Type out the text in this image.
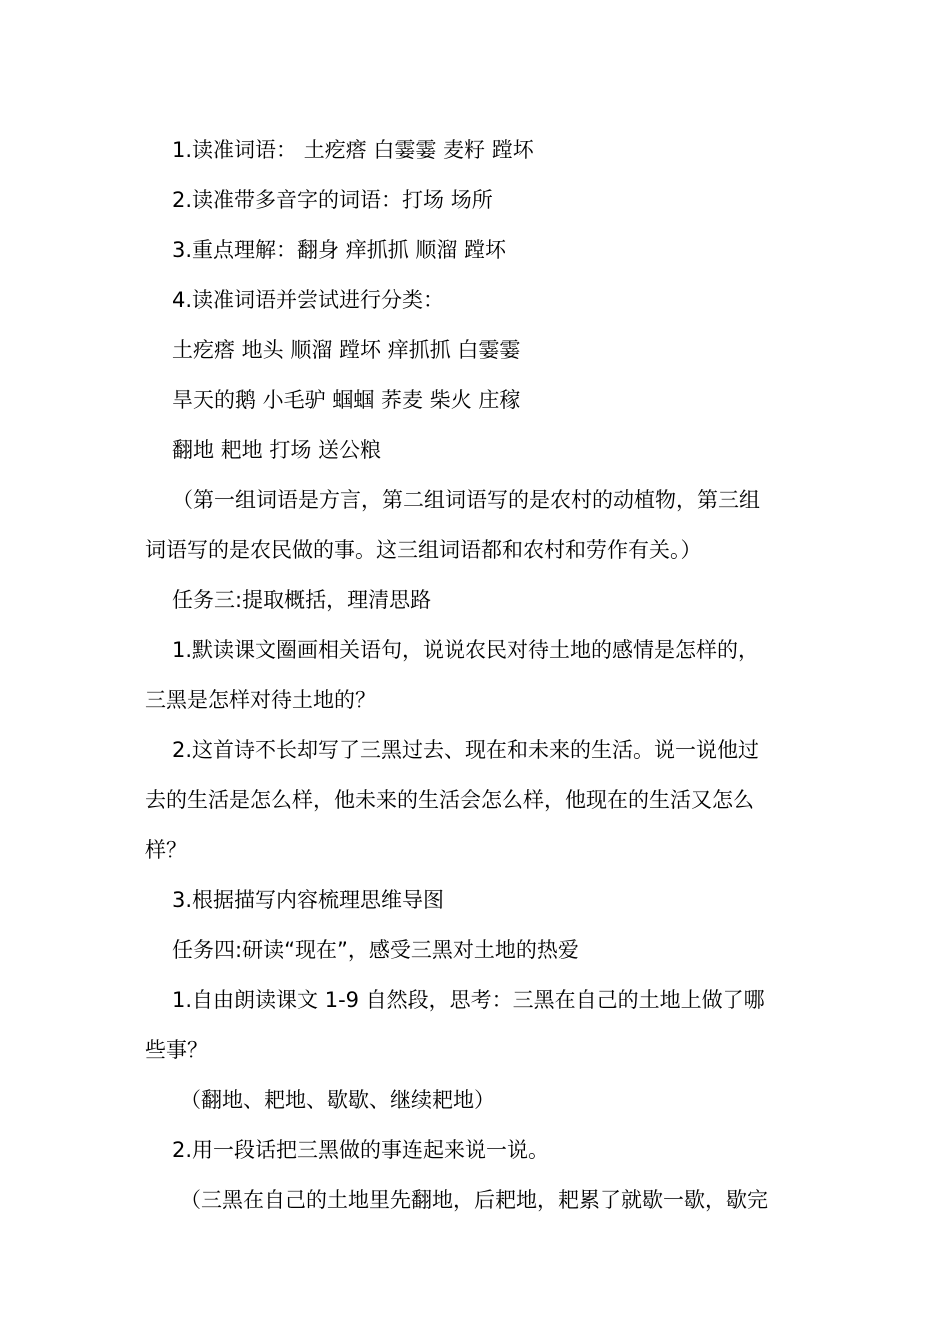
1.读准词语： 土疙瘩 白霎霎 麦籽 蹚坏
2.读准带多音字的词语：打场 场所
3.重点理解：翻身 痒抓抓 顺溜 蹚坏
4.读准词语并尝试进行分类：
土疙瘩 地头 顺溜 蹚坏 痒抓抓 白霎霎
旱天的鹅 小毛驴 蝈蝈 荞麦 柴火 庄稼
翻地 耙地 打场 送公粮
（第一组词语是方言，第二组词语写的是农村的动植物，第三组
词语写的是农民做的事。这三组词语都和农村和劳作有关。）
任务三:提取概括，理清思路
1.默读课文圈画相关语句，说说农民对待土地的感情是怎样的，
三黑是怎样对待土地的？
2.这首诗不长却写了三黑过去、现在和未来的生活。说一说他过
去的生活是怎么样，他未来的生活会怎么样，他现在的生活又怎么
样？
3.根据描写内容梳理思维导图
任务四:研读“现在”，感受三黑对土地的热爱
1.自由朗读课文 1-9 自然段，思考：三黑在自己的土地上做了哪
些事？
（翻地、耙地、歇歇、继续耙地）
2.用一段话把三黑做的事连起来说一说。
（三黑在自己的土地里先翻地，后耙地，耙累了就歇一歇，歇完
